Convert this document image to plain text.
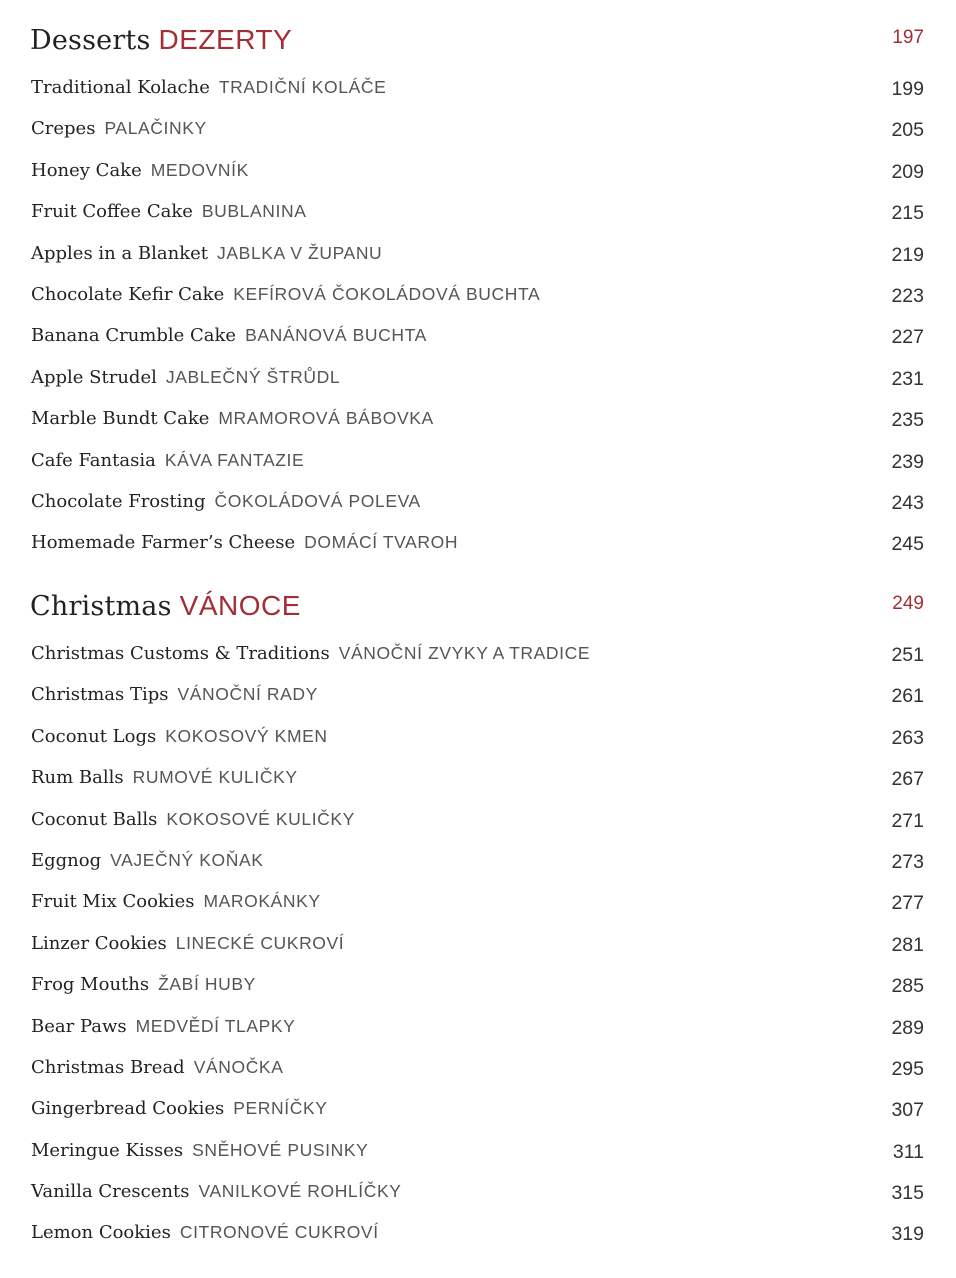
Desserts DEZERTY	197
Traditional Kolache TRADIČNÍ KOLÁČE	199
Crepes PALAČINKY	205
Honey Cake MEDOVNÍK	209
Fruit Coffee Cake BUBLANINA	215
Apples in a Blanket JABLKA V ŽUPANU	219
Chocolate Kefir Cake KEFÍROVÁ ČOKOLÁDOVÁ BUCHTA	223
Banana Crumble Cake BANÁNOVÁ BUCHTA	227
Apple Strudel JABLEČNÝ ŠTRŮDL	231
Marble Bundt Cake MRAMOROVÁ BÁBOVKA	235
Cafe Fantasia KÁVA FANTAZIE	239
Chocolate Frosting ČOKOLÁDOVÁ POLEVA	243
Homemade Farmer’s Cheese DOMÁCÍ TVAROH	245
Christmas VÁNOCE	249
Christmas Customs & Traditions VÁNOČNÍ ZVYKY A TRADICE	251
Christmas Tips VÁNOČNÍ RADY	261
Coconut Logs KOKOSOVÝ KMEN	263
Rum Balls RUMOVÉ KULIČKY	267
Coconut Balls KOKOSOVÉ KULIČKY	271
Eggnog VAJEČNÝ KOŇAK	273
Fruit Mix Cookies MAROKÁNKY	277
Linzer Cookies LINECKÉ CUKROVÍ	281
Frog Mouths ŽABÍ HUBY	285
Bear Paws MEDVĚDÍ TLAPKY	289
Christmas Bread VÁNOČKA	295
Gingerbread Cookies PERNÍČKY	307
Meringue Kisses SNĚHOVÉ PUSINKY	311
Vanilla Crescents VANILKOVÉ ROHLÍČKY	315
Lemon Cookies CITRONOVÉ CUKROVÍ	319
